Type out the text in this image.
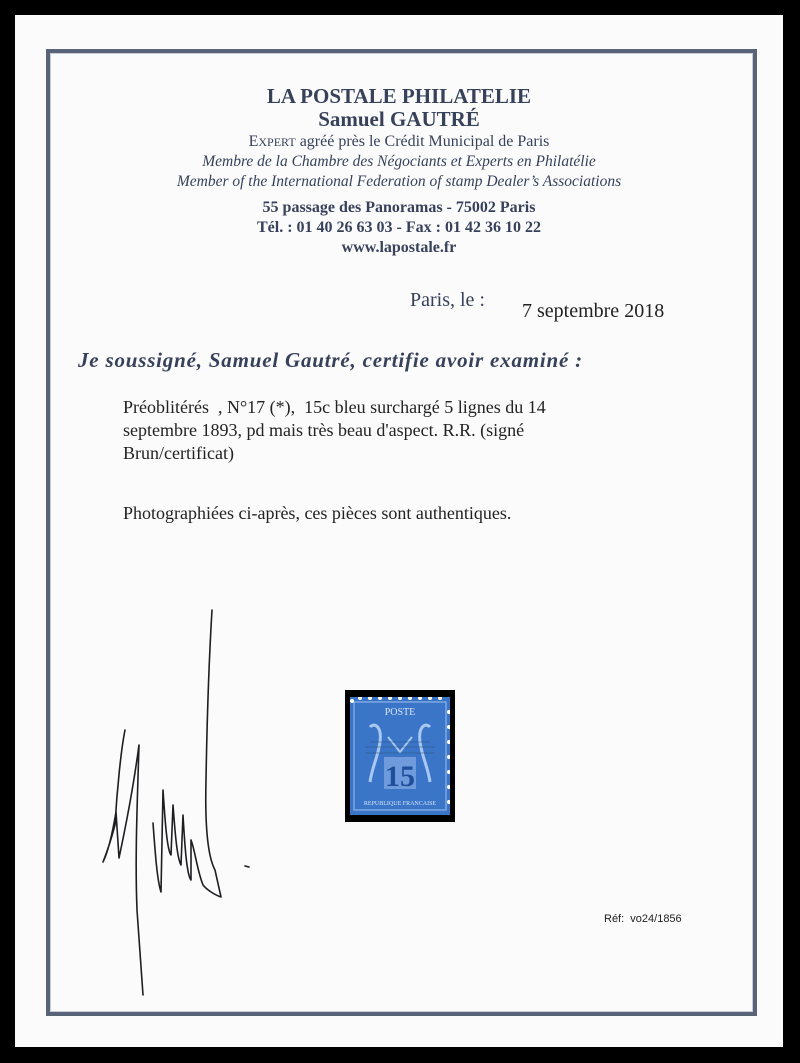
LA POSTALE PHILATELIE
Samuel GAUTRÉ
EXPERT agréé près le Crédit Municipal de Paris
Membre de la Chambre des Négociants et Experts en Philatélie
Member of the International Federation of stamp Dealer’s Associations
55 passage des Panoramas - 75002 Paris
Tél. : 01 40 26 63 03 - Fax : 01 42 36 10 22
www.lapostale.fr
Paris, le : 7 septembre 2018
Je soussigné, Samuel Gautré, certifie avoir examiné :
Préoblitérés  , N°17 (*),  15c bleu surchargé 5 lignes du 14
septembre 1893, pd mais très beau d'aspect. R.R. (signé
Brun/certificat)
Photographiées ci-après, ces pièces sont authentiques.
POSTE
15
REPUBLIQUE FRANCAISE
Réf:  vo24/1856
